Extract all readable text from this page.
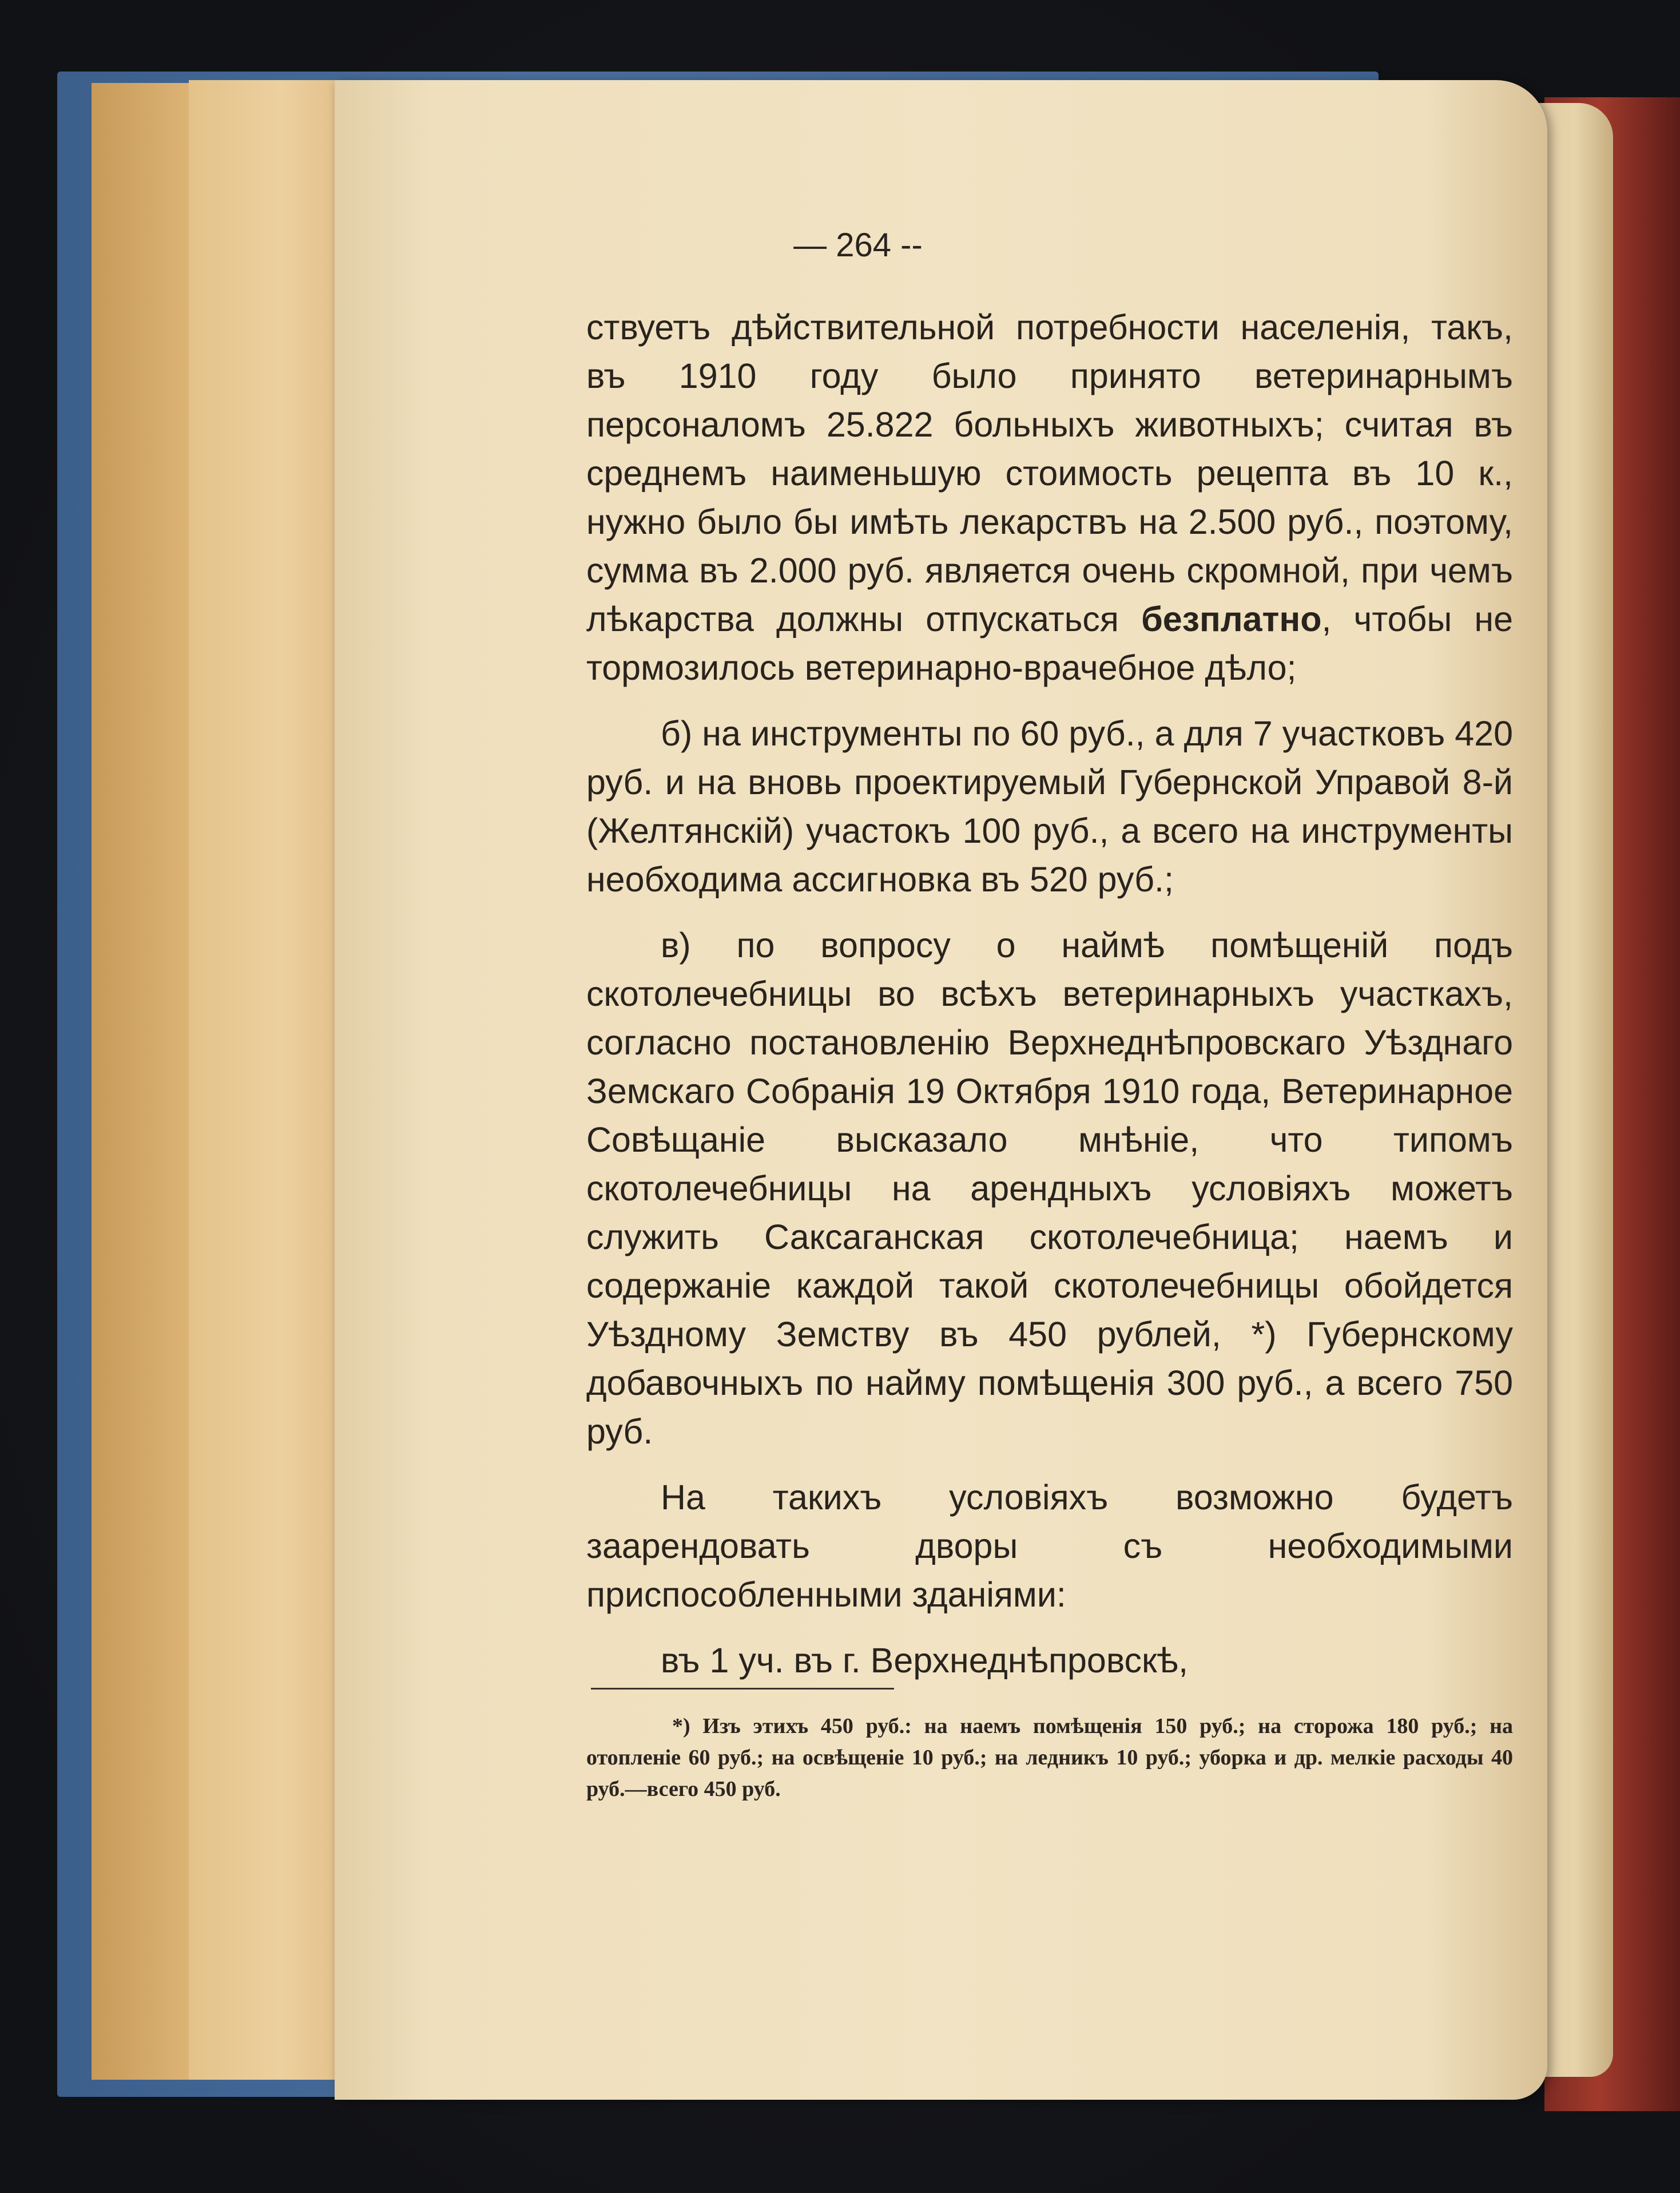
— 264 --

ствуетъ дѣйствительной потребности населенія, такъ, въ 1910 году было принято ветеринарнымъ персоналомъ 25.822 больныхъ животныхъ; считая въ среднемъ наименьшую стоимость рецепта въ 10 к., нужно было бы имѣть лекарствъ на 2.500 руб., поэтому, сумма въ 2.000 руб. является очень скромной, при чемъ лѣкарства должны отпускаться безплатно, чтобы не тормозилось ветеринарно-врачебное дѣло;

б) на инструменты по 60 руб., а для 7 участковъ 420 руб. и на вновь проектируемый Губернской Управой 8-й (Желтянскій) участокъ 100 руб., а всего на инструменты необходима ассигновка въ 520 руб.;

в) по вопросу о наймѣ помѣщеній подъ скотолечебницы во всѣхъ ветеринарныхъ участкахъ, согласно постановленію Верхнеднѣпровскаго Уѣзднаго Земскаго Собранія 19 Октября 1910 года, Ветеринарное Совѣщаніе высказало мнѣніе, что типомъ скотолечебницы на арендныхъ условіяхъ можетъ служить Саксаганская скотолечебница; наемъ и содержаніе каждой такой скотолечебницы обойдется Уѣздному Земству въ 450 рублей, *) Губернскому добавочныхъ по найму помѣщенія 300 руб., а всего 750 руб.

На такихъ условіяхъ возможно будетъ заарендовать дворы съ необходимыми приспособленными зданіями:

въ 1 уч. въ г. Верхнеднѣпровскѣ,

*) Изъ этихъ 450 руб.: на наемъ помѣщенія 150 руб.; на сторожа 180 руб.; на отопленіе 60 руб.; на освѣщеніе 10 руб.; на ледникъ 10 руб.; уборка и др. мелкіе расходы 40 руб.—всего 450 руб.
